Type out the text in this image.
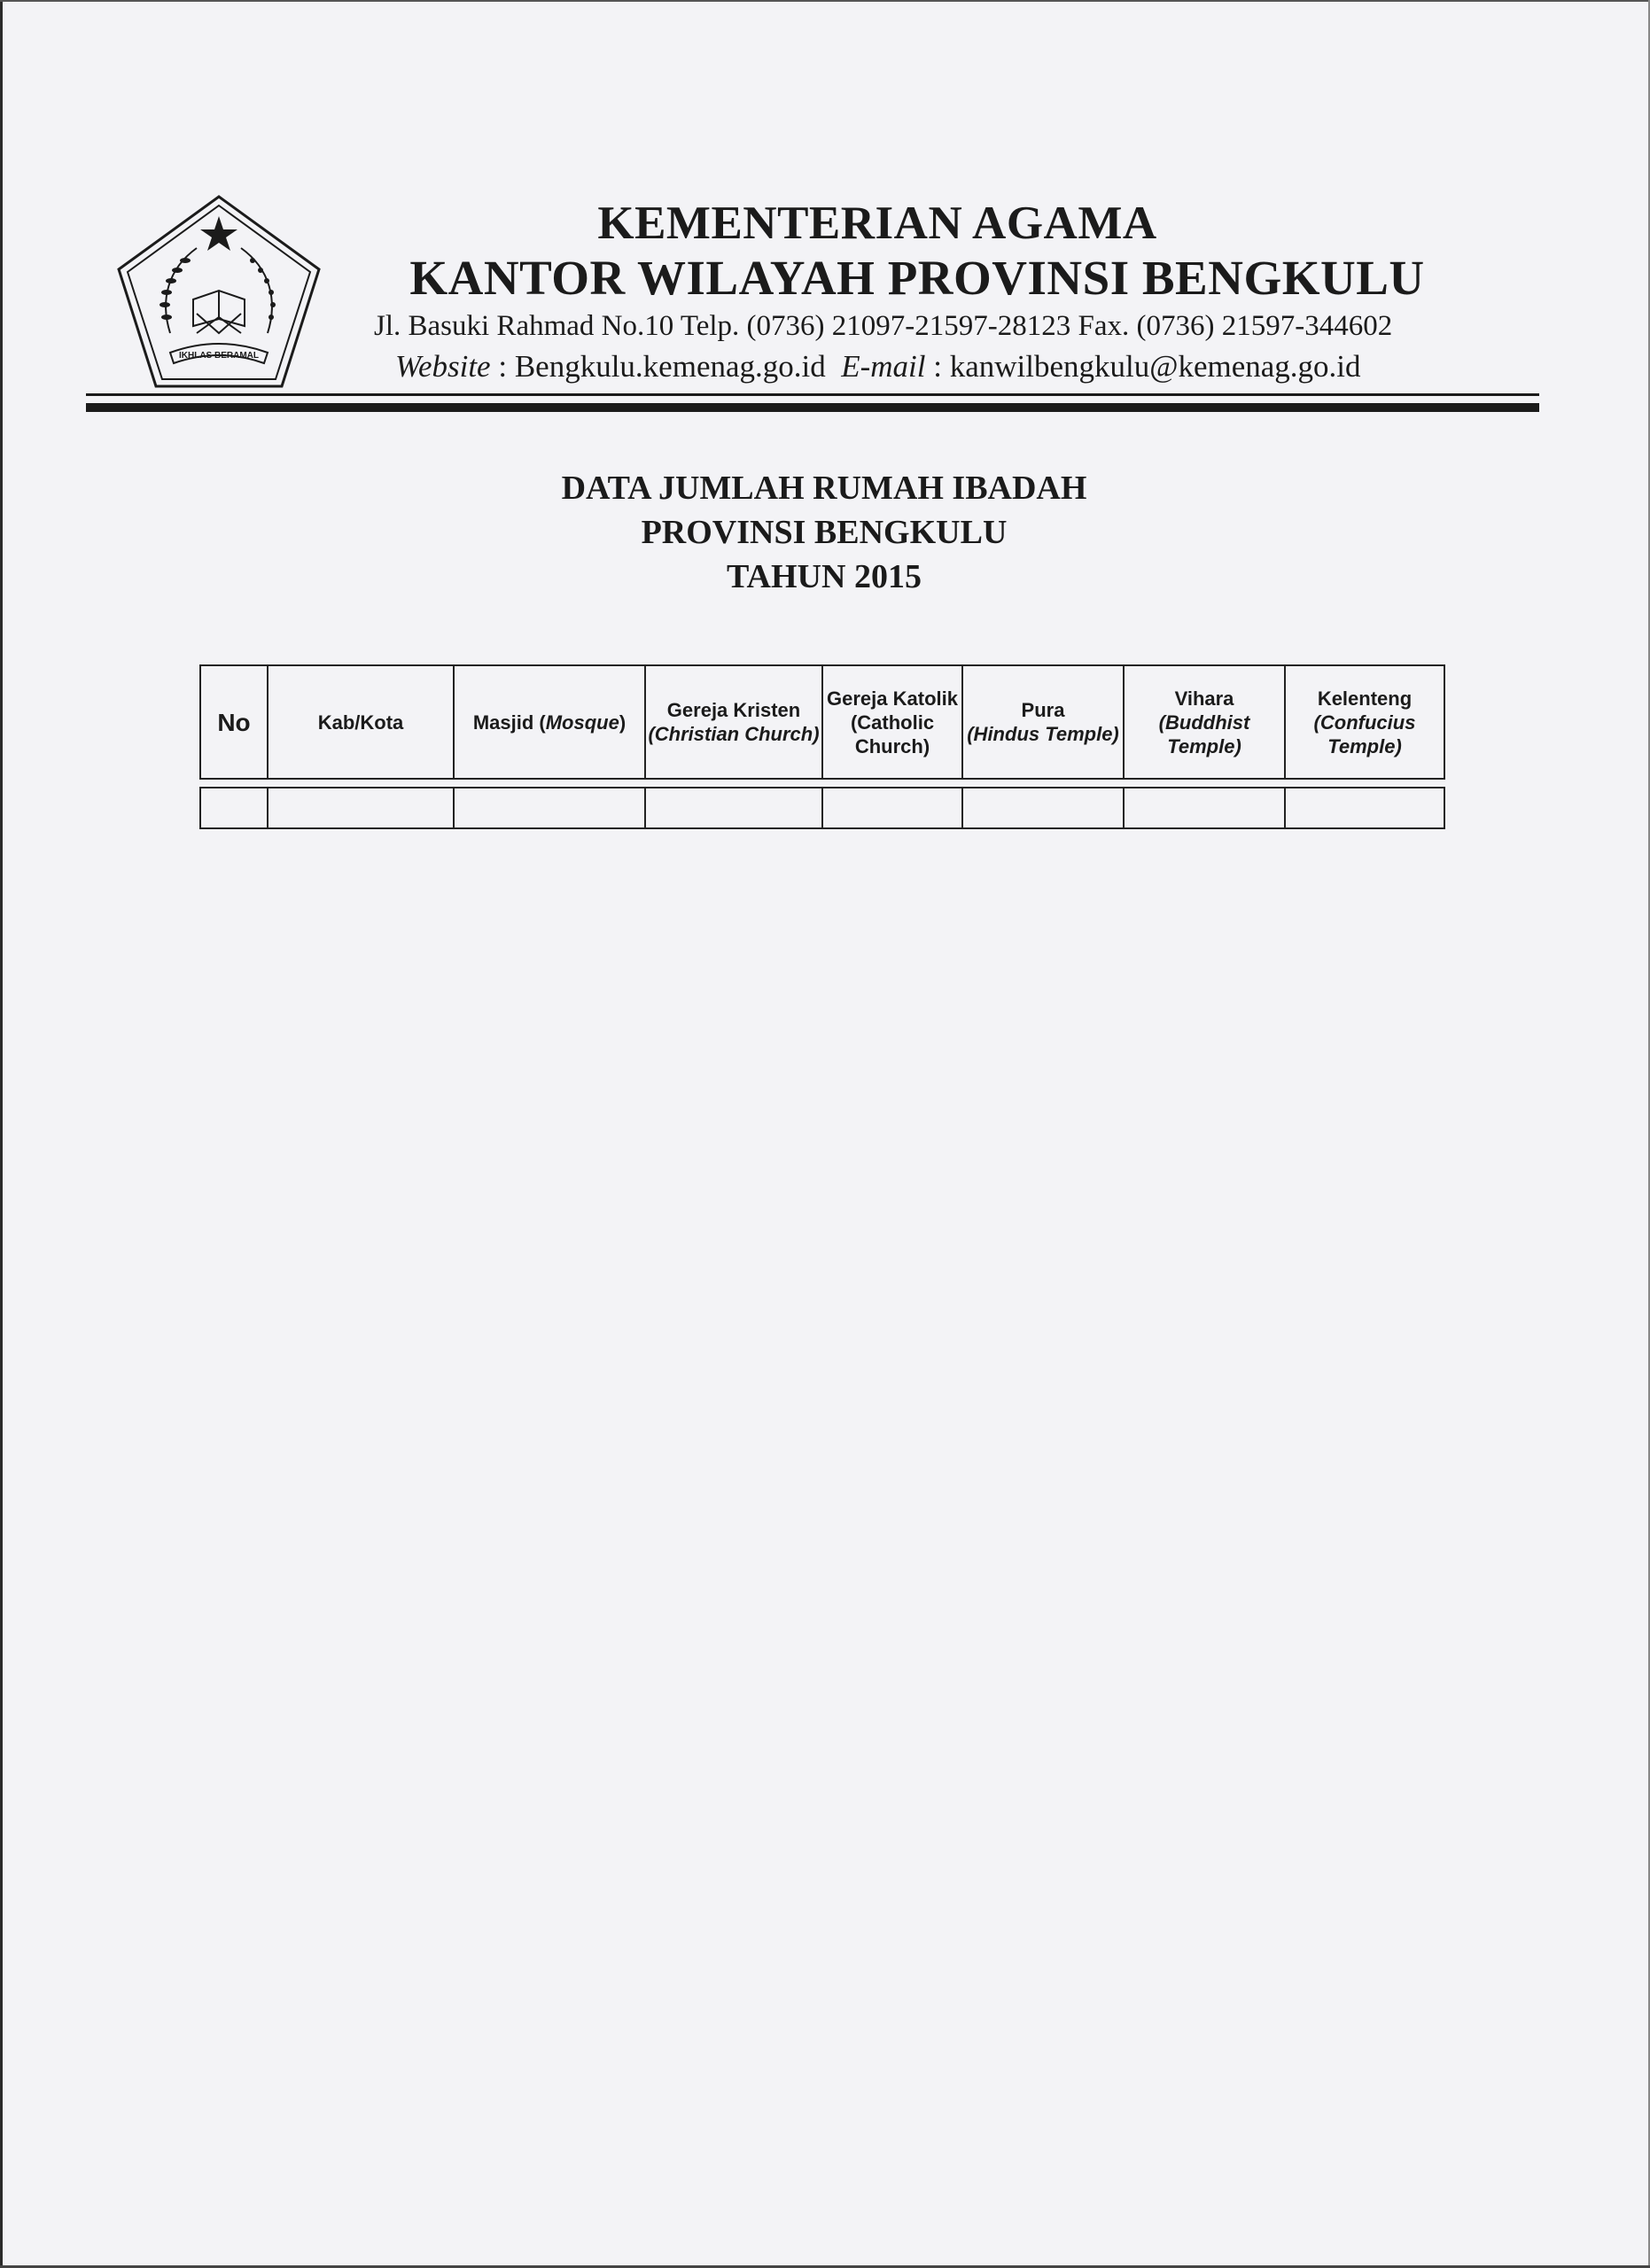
IKHLAS BERAMAL
KEMENTERIAN AGAMA
KANTOR WILAYAH PROVINSI BENGKULU

Jl. Basuki Rahmad No.10 Telp. (0736) 21097-21597-28123 Fax. (0736) 21597-344602

Website : Bengkulu.kemenag.go.id E-mail : kanwilbengkulu@kemenag.go.id

DATA JUMLAH RUMAH IBADAH
PROVINSI BENGKULU
TAHUN 2015
No	Kab/Kota	Masjid (Mosque)
Gereja Kristen
(Christian Church)
Gereja Katolik
(Catholic Church)
Pura
(Hindus Temple)
Vihara
(Buddhist Temple)
Kelenteng
(Confucius Temple)
